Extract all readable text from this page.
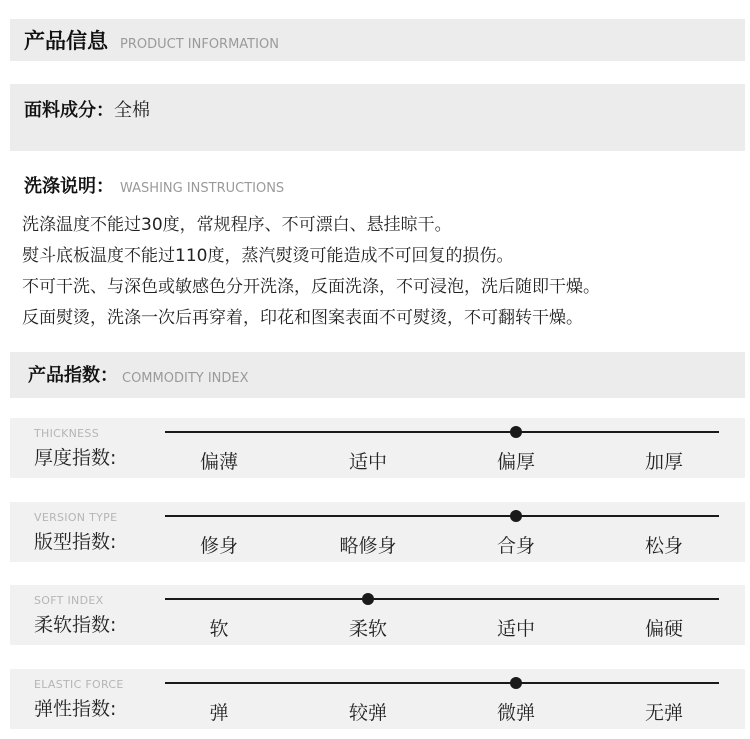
产品信息 PRODUCT INFORMATION
面料成分：全棉
洗涤说明： WASHING INSTRUCTIONS
洗涤温度不能过30度，常规程序、不可漂白、悬挂晾干。
熨斗底板温度不能过110度，蒸汽熨烫可能造成不可回复的损伤。
不可干洗、与深色或敏感色分开洗涤，反面洗涤，不可浸泡，洗后随即干燥。
反面熨烫，洗涤一次后再穿着，印花和图案表面不可熨烫，不可翻转干燥。
产品指数： COMMODITY INDEX
THICKNESS
厚度指数:	偏薄	适中	偏厚	加厚
VERSION TYPE
版型指数:	修身	略修身	合身	松身
SOFT INDEX
柔软指数:	软	柔软	适中	偏硬
ELASTIC FORCE
弹性指数:	弹	较弹	微弹	无弹
